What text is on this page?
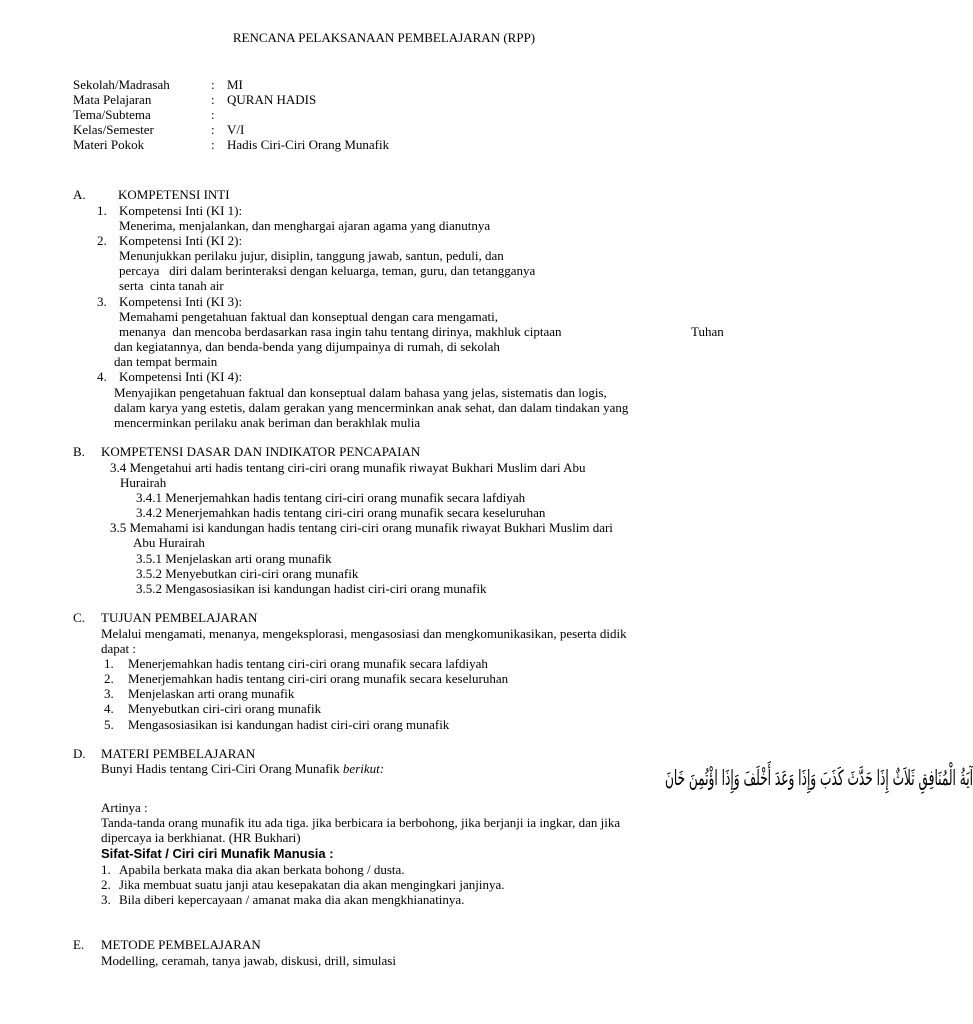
RENCANA PELAKSANAAN PEMBELAJARAN (RPP)
Sekolah/Madrasah	: MI
Mata Pelajaran	: QURAN HADIS
Tema/Subtema	:
Kelas/Semester	: V/I
Materi Pokok	: Hadis Ciri-Ciri Orang Munafik
A. KOMPETENSI INTI
1. Kompetensi Inti (KI 1):
Menerima, menjalankan, dan menghargai ajaran agama yang dianutnya
2. Kompetensi Inti (KI 2):
Menunjukkan perilaku jujur, disiplin, tanggung jawab, santun, peduli, dan
percaya   diri dalam berinteraksi dengan keluarga, teman, guru, dan tetangganya
serta  cinta tanah air
3. Kompetensi Inti (KI 3):
Memahami pengetahuan faktual dan konseptual dengan cara mengamati,
menanya  dan mencoba berdasarkan rasa ingin tahu tentang dirinya, makhluk ciptaan	Tuhan
dan kegiatannya, dan benda-benda yang dijumpainya di rumah, di sekolah
dan tempat bermain
4. Kompetensi Inti (KI 4):
Menyajikan pengetahuan faktual dan konseptual dalam bahasa yang jelas, sistematis dan logis,
dalam karya yang estetis, dalam gerakan yang mencerminkan anak sehat, dan dalam tindakan yang
mencerminkan perilaku anak beriman dan berakhlak mulia
B. KOMPETENSI DASAR DAN INDIKATOR PENCAPAIAN
3.4 Mengetahui arti hadis tentang ciri-ciri orang munafik riwayat Bukhari Muslim dari Abu
Hurairah
3.4.1 Menerjemahkan hadis tentang ciri-ciri orang munafik secara lafdiyah
3.4.2 Menerjemahkan hadis tentang ciri-ciri orang munafik secara keseluruhan
3.5 Memahami isi kandungan hadis tentang ciri-ciri orang munafik riwayat Bukhari Muslim dari
Abu Hurairah
3.5.1 Menjelaskan arti orang munafik
3.5.2 Menyebutkan ciri-ciri orang munafik
3.5.2 Mengasosiasikan isi kandungan hadist ciri-ciri orang munafik
C. TUJUAN PEMBELAJARAN
Melalui mengamati, menanya, mengeksplorasi, mengasosiasi dan mengkomunikasikan, peserta didik
dapat :
1. Menerjemahkan hadis tentang ciri-ciri orang munafik secara lafdiyah
2. Menerjemahkan hadis tentang ciri-ciri orang munafik secara keseluruhan
3. Menjelaskan arti orang munafik
4. Menyebutkan ciri-ciri orang munafik
5. Mengasosiasikan isi kandungan hadist ciri-ciri orang munafik
D. MATERI PEMBELAJARAN
Bunyi Hadis tentang Ciri-Ciri Orang Munafik berikut:	آيَةُ الْمُنَافِقِ ثَلاَثٌ إِذَا حَدَّثَ كَذَبَ وَإِذَا وَعَدَ أَخْلَفَ وَإِذَا اؤْتُمِنَ خَانَ
Artinya :
Tanda-tanda orang munafik itu ada tiga. jika berbicara ia berbohong, jika berjanji ia ingkar, dan jika
dipercaya ia berkhianat. (HR Bukhari)
Sifat-Sifat / Ciri ciri Munafik Manusia :
1. Apabila berkata maka dia akan berkata bohong / dusta.
2. Jika membuat suatu janji atau kesepakatan dia akan mengingkari janjinya.
3. Bila diberi kepercayaan / amanat maka dia akan mengkhianatinya.
E. METODE PEMBELAJARAN
Modelling, ceramah, tanya jawab, diskusi, drill, simulasi
